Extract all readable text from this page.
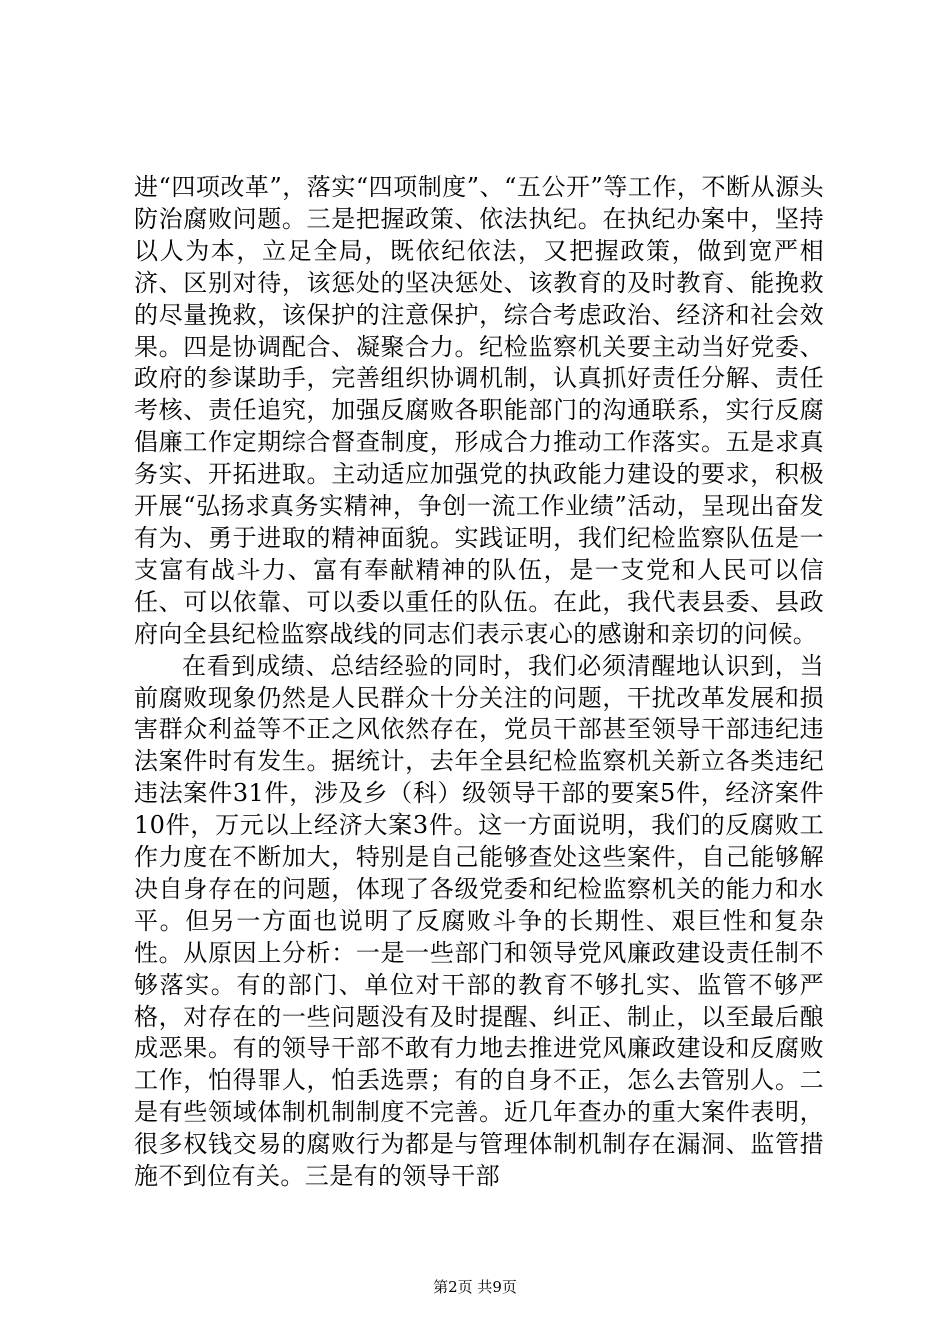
进“四项改革”，落实“四项制度”、“五公开”等工作，不断从源头防治腐败问题。三是把握政策、依法执纪。在执纪办案中，坚持以人为本，立足全局，既依纪依法，又把握政策，做到宽严相济、区别对待，该惩处的坚决惩处、该教育的及时教育、能挽救的尽量挽救，该保护的注意保护，综合考虑政治、经济和社会效果。四是协调配合、凝聚合力。纪检监察机关要主动当好党委、政府的参谋助手，完善组织协调机制，认真抓好责任分解、责任考核、责任追究，加强反腐败各职能部门的沟通联系，实行反腐倡廉工作定期综合督查制度，形成合力推动工作落实。五是求真务实、开拓进取。主动适应加强党的执政能力建设的要求，积极开展“弘扬求真务实精神，争创一流工作业绩”活动，呈现出奋发有为、勇于进取的精神面貌。实践证明，我们纪检监察队伍是一支富有战斗力、富有奉献精神的队伍，是一支党和人民可以信任、可以依靠、可以委以重任的队伍。在此，我代表县委、县政府向全县纪检监察战线的同志们表示衷心的感谢和亲切的问候。

在看到成绩、总结经验的同时，我们必须清醒地认识到，当前腐败现象仍然是人民群众十分关注的问题，干扰改革发展和损害群众利益等不正之风依然存在，党员干部甚至领导干部违纪违法案件时有发生。据统计，去年全县纪检监察机关新立各类违纪违法案件31件，涉及乡（科）级领导干部的要案5件，经济案件10件，万元以上经济大案3件。这一方面说明，我们的反腐败工作力度在不断加大，特别是自己能够查处这些案件，自己能够解决自身存在的问题，体现了各级党委和纪检监察机关的能力和水平。但另一方面也说明了反腐败斗争的长期性、艰巨性和复杂性。从原因上分析：一是一些部门和领导党风廉政建设责任制不够落实。有的部门、单位对干部的教育不够扎实、监管不够严格，对存在的一些问题没有及时提醒、纠正、制止，以至最后酿成恶果。有的领导干部不敢有力地去推进党风廉政建设和反腐败工作，怕得罪人，怕丢选票；有的自身不正，怎么去管别人。二是有些领域体制机制制度不完善。近几年查办的重大案件表明，很多权钱交易的腐败行为都是与管理体制机制存在漏洞、监管措施不到位有关。三是有的领导干部

第2页 共9页
